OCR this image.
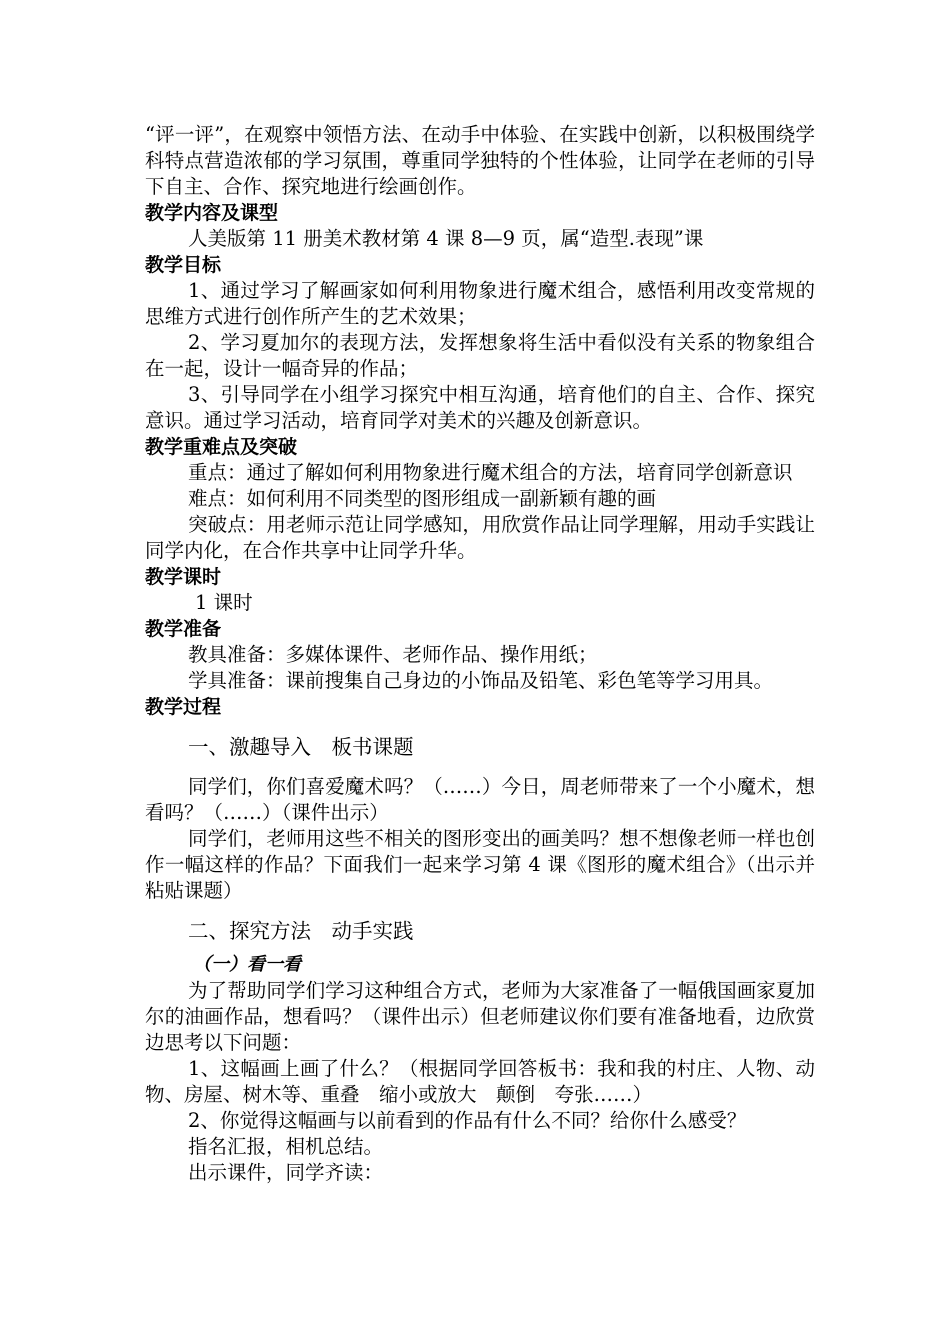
“评一评”，在观察中领悟方法、在动手中体验、在实践中创新，以积极围绕学科特点营造浓郁的学习氛围，尊重同学独特的个性体验，让同学在老师的引导下自主、合作、探究地进行绘画创作。

教学内容及课型

人美版第 11 册美术教材第 4 课 8—9 页，属“造型.表现”课

教学目标

1、通过学习了解画家如何利用物象进行魔术组合，感悟利用改变常规的思维方式进行创作所产生的艺术效果；

2、学习夏加尔的表现方法，发挥想象将生活中看似没有关系的物象组合在一起，设计一幅奇异的作品；

3、引导同学在小组学习探究中相互沟通，培育他们的自主、合作、探究意识。通过学习活动，培育同学对美术的兴趣及创新意识。

教学重难点及突破

重点：通过了解如何利用物象进行魔术组合的方法，培育同学创新意识

难点：如何利用不同类型的图形组成一副新颖有趣的画

突破点：用老师示范让同学感知，用欣赏作品让同学理解，用动手实践让同学内化，在合作共享中让同学升华。

教学课时

1 课时

教学准备

教具准备：多媒体课件、老师作品、操作用纸；

学具准备：课前搜集自己身边的小饰品及铅笔、彩色笔等学习用具。

教学过程

一、激趣导入　板书课题

同学们，你们喜爱魔术吗？（……）今日，周老师带来了一个小魔术，想看吗？（……）（课件出示）

同学们，老师用这些不相关的图形变出的画美吗？想不想像老师一样也创作一幅这样的作品？下面我们一起来学习第 4 课《图形的魔术组合》（出示并粘贴课题）

二、探究方法　动手实践

（一）看一看

为了帮助同学们学习这种组合方式，老师为大家准备了一幅俄国画家夏加尔的油画作品，想看吗？（课件出示）但老师建议你们要有准备地看，边欣赏边思考以下问题：

1、这幅画上画了什么？（根据同学回答板书：我和我的村庄、人物、动物、房屋、树木等、重叠　缩小或放大　颠倒　夸张……）

2、你觉得这幅画与以前看到的作品有什么不同？给你什么感受？

指名汇报，相机总结。

出示课件，同学齐读：
